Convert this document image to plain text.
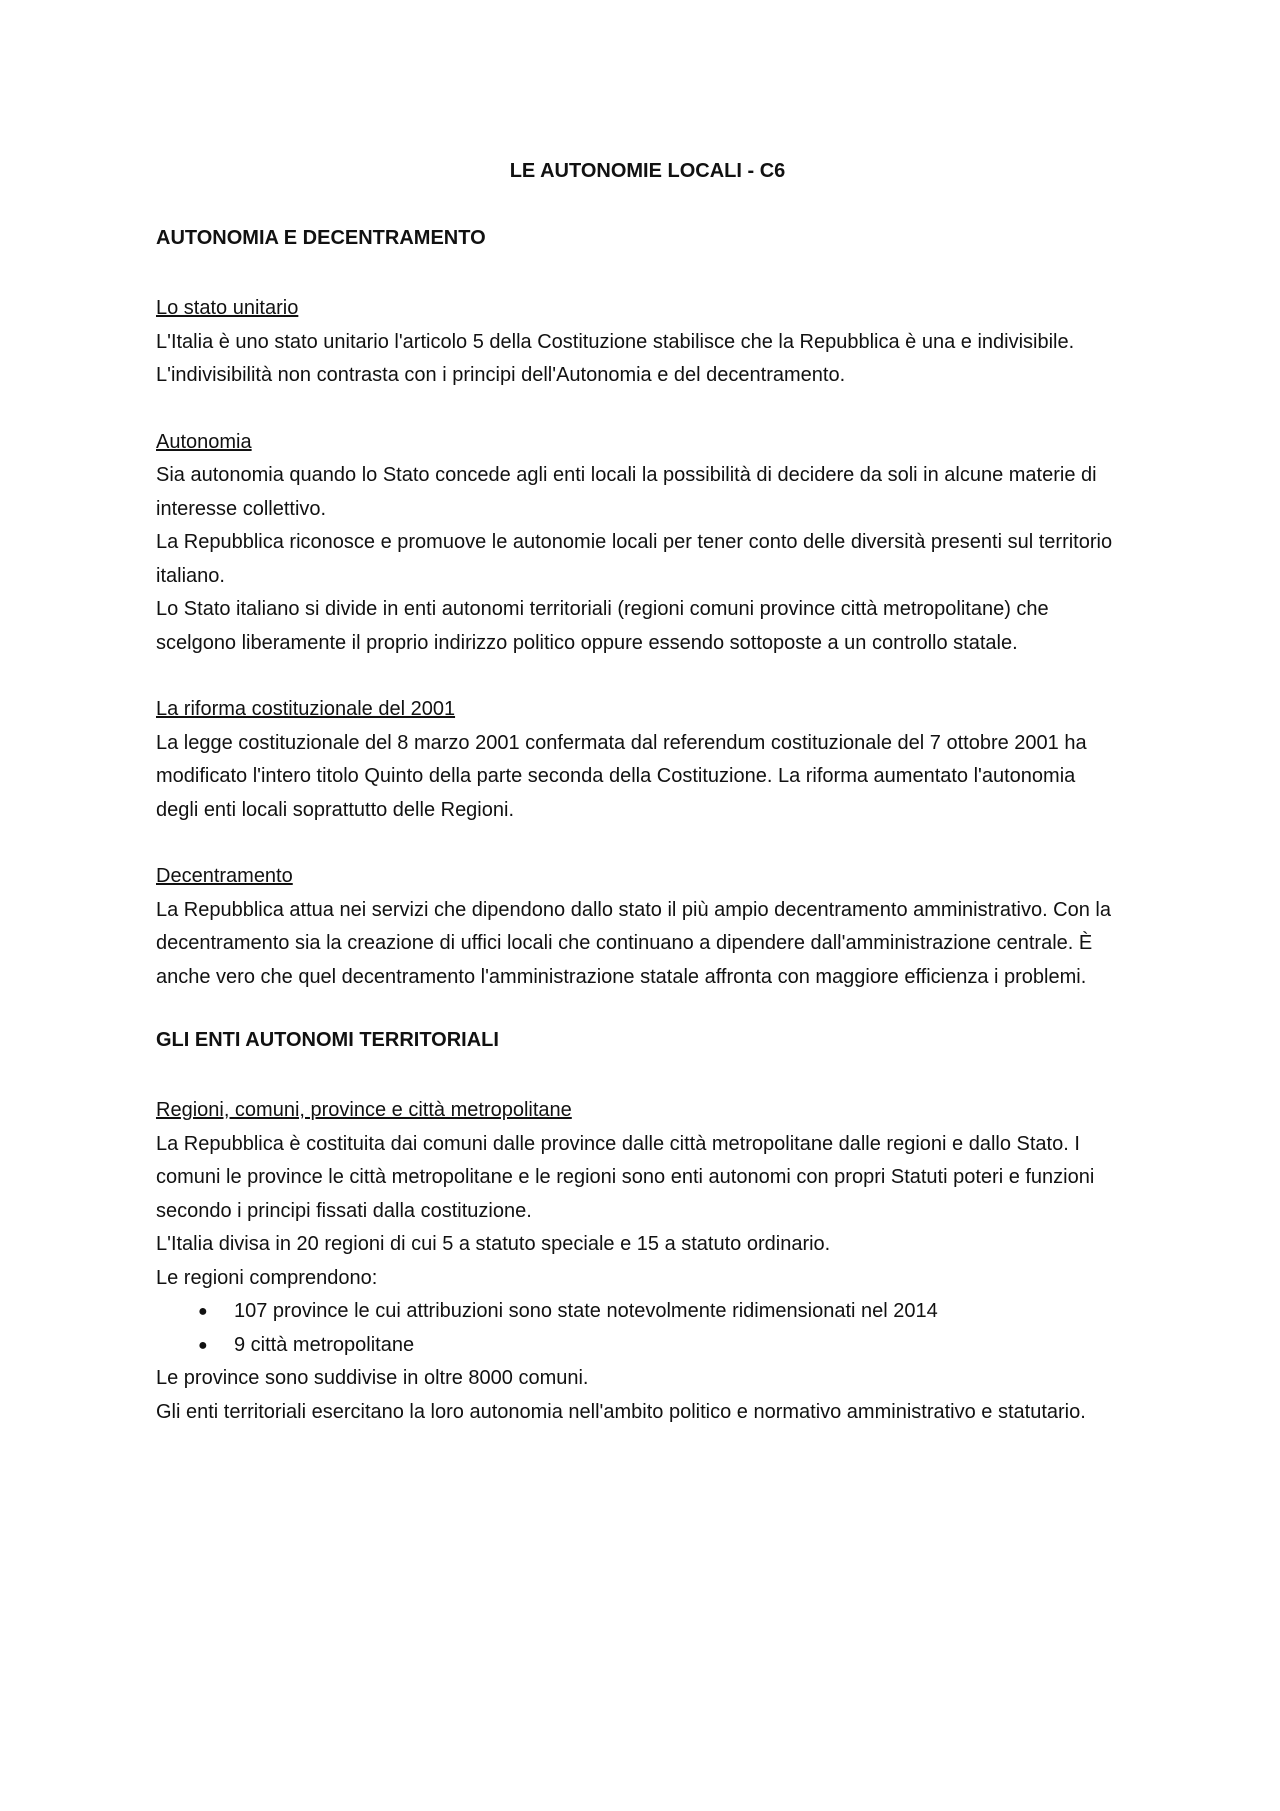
LE AUTONOMIE LOCALI - C6
AUTONOMIA E DECENTRAMENTO
Lo stato unitario

L'Italia è uno stato unitario l'articolo 5 della Costituzione stabilisce che la Repubblica è una e indivisibile. L'indivisibilità non contrasta con i principi dell'Autonomia e del decentramento.

Autonomia

Sia autonomia quando lo Stato concede agli enti locali la possibilità di decidere da soli in alcune materie di interesse collettivo.

La Repubblica riconosce e promuove le autonomie locali per tener conto delle diversità presenti sul territorio italiano.

Lo Stato italiano si divide in enti autonomi territoriali (regioni comuni province città metropolitane) che scelgono liberamente il proprio indirizzo politico oppure essendo sottoposte a un controllo statale.

La riforma costituzionale del 2001

La legge costituzionale del 8 marzo 2001 confermata dal referendum costituzionale del 7 ottobre 2001 ha modificato l'intero titolo Quinto della parte seconda della Costituzione. La riforma aumentato l'autonomia degli enti locali soprattutto delle Regioni.

Decentramento

La Repubblica attua nei servizi che dipendono dallo stato il più ampio decentramento amministrativo. Con la decentramento sia la creazione di uffici locali che continuano a dipendere dall'amministrazione centrale. È anche vero che quel decentramento l'amministrazione statale affronta con maggiore efficienza i problemi.

GLI ENTI AUTONOMI TERRITORIALI
Regioni, comuni, province e città metropolitane

La Repubblica è costituita dai comuni dalle province dalle città metropolitane dalle regioni e dallo Stato. I comuni le province le città metropolitane e le regioni sono enti autonomi con propri Statuti poteri e funzioni secondo i principi fissati dalla costituzione.

L'Italia divisa in 20 regioni di cui 5 a statuto speciale e 15 a statuto ordinario.

Le regioni comprendono:

● 107 province le cui attribuzioni sono state notevolmente ridimensionati nel 2014
● 9 città metropolitane

Le province sono suddivise in oltre 8000 comuni.

Gli enti territoriali esercitano la loro autonomia nell'ambito politico e normativo amministrativo e statutario.
